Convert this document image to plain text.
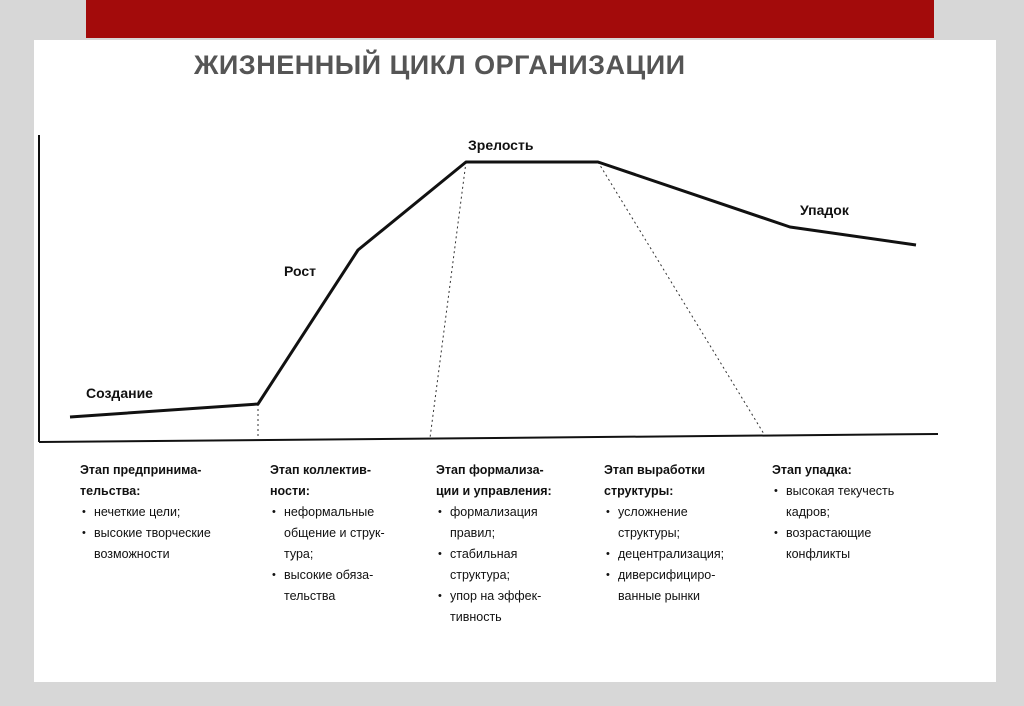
ЖИЗНЕННЫЙ ЦИКЛ ОРГАНИЗАЦИИ
Создание
Рост
Зрелость
Упадок
Этап предпринима-
тельства:
• нечеткие цели;
• высокие творческие
возможности
Этап коллектив-
ности:
• неформальные
общение и струк-
тура;
• высокие обяза-
тельства
Этап формализа-
ции и управления:
• формализация
правил;
• стабильная
структура;
• упор на эффек-
тивность
Этап выработки
структуры:
• усложнение
структуры;
• децентрализация;
• диверсифициро-
ванные рынки
Этап упадка:
• высокая текучесть
кадров;
• возрастающие
конфликты
